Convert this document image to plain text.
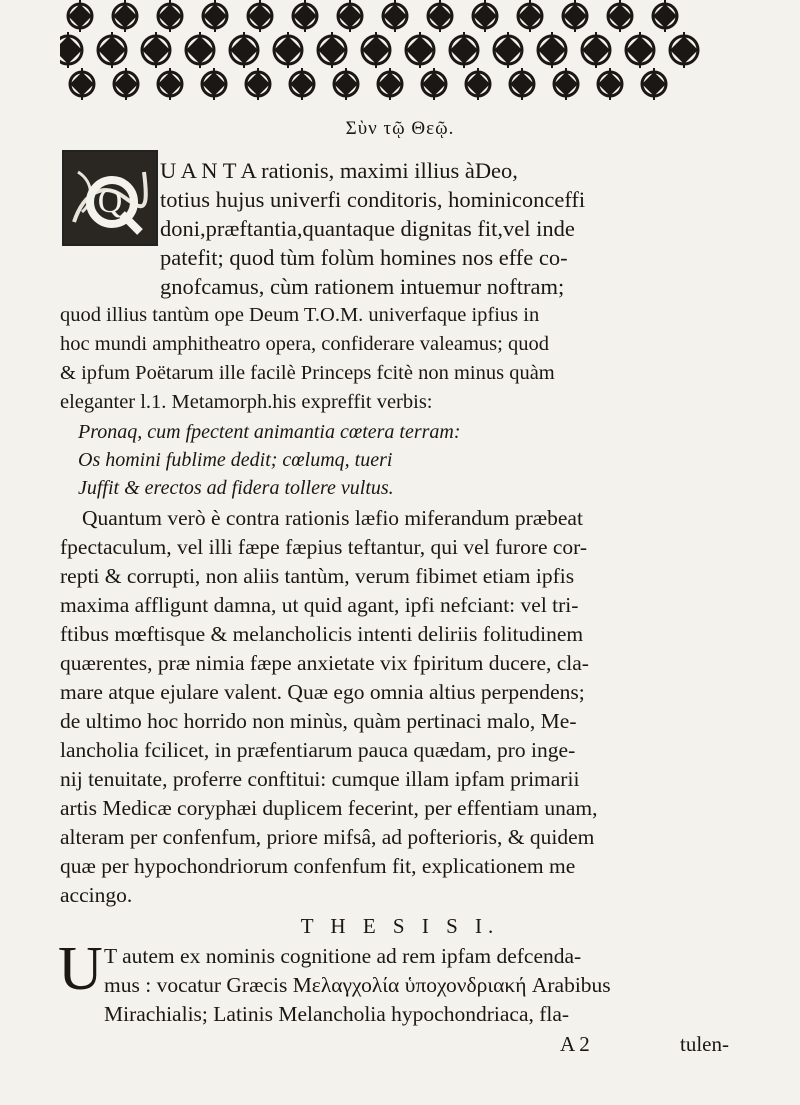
Σὺν τῷ Θεῷ.
Q
U A N T A rationis, maximi illius àDeo,
totius hujus univerfi conditoris, hominiconceffi
doni,præftantia,quantaque dignitas fit,vel inde
patefit; quod tùm folùm homines nos effe co-
gnofcamus, cùm rationem intuemur noftram;
quod illius tantùm ope Deum T.O.M. univerfaque ipfius in
hoc mundi amphitheatro opera, confiderare valeamus; quod
& ipfum Poëtarum ille facilè Princeps fcitè non minus quàm
eleganter l.1. Metamorph.his expreffit verbis:
Pronaq, cum fpectent animantia cœtera terram:
Os homini fublime dedit; cœlumq, tueri
Juffit & erectos ad fidera tollere vultus.
Quantum verò è contra rationis læfio miferandum præbeat
fpectaculum, vel illi fæpe fæpius teftantur, qui vel furore cor-
repti & corrupti, non aliis tantùm, verum fibimet etiam ipfis
maxima affligunt damna, ut quid agant, ipfi nefciant: vel tri-
ftibus mœftisque & melancholicis intenti deliriis folitudinem
quærentes, præ nimia fæpe anxietate vix fpiritum ducere, cla-
mare atque ejulare valent. Quæ ego omnia altius perpendens;
de ultimo hoc horrido non minùs, quàm pertinaci malo, Me-
lancholia fcilicet, in præfentiarum pauca quædam, pro inge-
nij tenuitate, proferre conftitui: cumque illam ipfam primarii
artis Medicæ coryphæi duplicem fecerint, per effentiam unam,
alteram per confenfum, priore mifsâ, ad pofterioris, & quidem
quæ per hypochondriorum confenfum fit, explicationem me
accingo.
T H E S I S I.
U T autem ex nominis cognitione ad rem ipfam defcenda-
mus : vocatur Græcis Μελαγχολία ὑποχονδριακή Arabibus
Mirachialis; Latinis Melancholia hypochondriaca, fla-
A 2	tulen-
